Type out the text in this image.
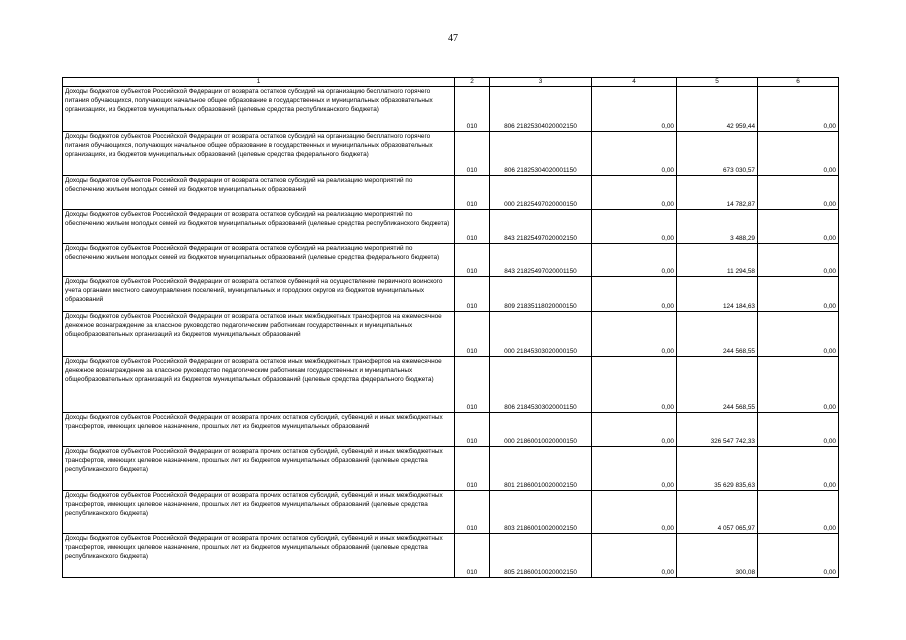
47
1	2	3	4	5	6
Доходы бюджетов субъектов Российской Федерации от возврата остатков субсидий на организацию бесплатного горячего питания обучающихся, получающих начальное общее образование в государственных и муниципальных образовательных организациях, из бюджетов муниципальных образований (целевые средства республиканского бюджета)	010	806 21825304020002150	0,00	42 959,44	0,00
Доходы бюджетов субъектов Российской Федерации от возврата остатков субсидий на организацию бесплатного горячего питания обучающихся, получающих начальное общее образование в государственных и муниципальных образовательных организациях, из бюджетов муниципальных образований (целевые средства федерального бюджета)	010	806 21825304020001150	0,00	673 030,57	0,00
Доходы бюджетов субъектов Российской Федерации от возврата остатков субсидий на реализацию мероприятий по обеспечению жильем молодых семей из бюджетов муниципальных образований	010	000 21825497020000150	0,00	14 782,87	0,00
Доходы бюджетов субъектов Российской Федерации от возврата остатков субсидий на реализацию мероприятий по обеспечению жильем молодых семей из бюджетов муниципальных образований (целевые средства республиканского бюджета)	010	843 21825497020002150	0,00	3 488,29	0,00
Доходы бюджетов субъектов Российской Федерации от возврата остатков субсидий на реализацию мероприятий по обеспечению жильем молодых семей из бюджетов муниципальных образований (целевые средства федерального бюджета)	010	843 21825497020001150	0,00	11 294,58	0,00
Доходы бюджетов субъектов Российской Федерации от возврата остатков субвенций на осуществление первичного воинского учета органами местного самоуправления поселений, муниципальных и городских округов из бюджетов муниципальных образований	010	809 21835118020000150	0,00	124 184,63	0,00
Доходы бюджетов субъектов Российской Федерации от возврата остатков иных межбюджетных трансфертов на ежемесячное денежное вознаграждение за классное руководство педагогическим работникам государственных и муниципальных общеобразовательных организаций из бюджетов муниципальных образований	010	000 21845303020000150	0,00	244 568,55	0,00
Доходы бюджетов субъектов Российской Федерации от возврата остатков иных межбюджетных трансфертов на ежемесячное денежное вознаграждение за классное руководство педагогическим работникам государственных и муниципальных общеобразовательных организаций из бюджетов муниципальных образований (целевые средства федерального бюджета)	010	806 21845303020001150	0,00	244 568,55	0,00
Доходы бюджетов субъектов Российской Федерации от возврата прочих остатков субсидий, субвенций и иных межбюджетных трансфертов, имеющих целевое назначение, прошлых лет из бюджетов муниципальных образований	010	000 21860010020000150	0,00	326 547 742,33	0,00
Доходы бюджетов субъектов Российской Федерации от возврата прочих остатков субсидий, субвенций и иных межбюджетных трансфертов, имеющих целевое назначение, прошлых лет из бюджетов муниципальных образований (целевые средства республиканского бюджета)	010	801 21860010020002150	0,00	35 629 835,63	0,00
Доходы бюджетов субъектов Российской Федерации от возврата прочих остатков субсидий, субвенций и иных межбюджетных трансфертов, имеющих целевое назначение, прошлых лет из бюджетов муниципальных образований (целевые средства республиканского бюджета)	010	803 21860010020002150	0,00	4 057 065,97	0,00
Доходы бюджетов субъектов Российской Федерации от возврата прочих остатков субсидий, субвенций и иных межбюджетных трансфертов, имеющих целевое назначение, прошлых лет из бюджетов муниципальных образований (целевые средства республиканского бюджета)	010	805 21860010020002150	0,00	300,08	0,00
